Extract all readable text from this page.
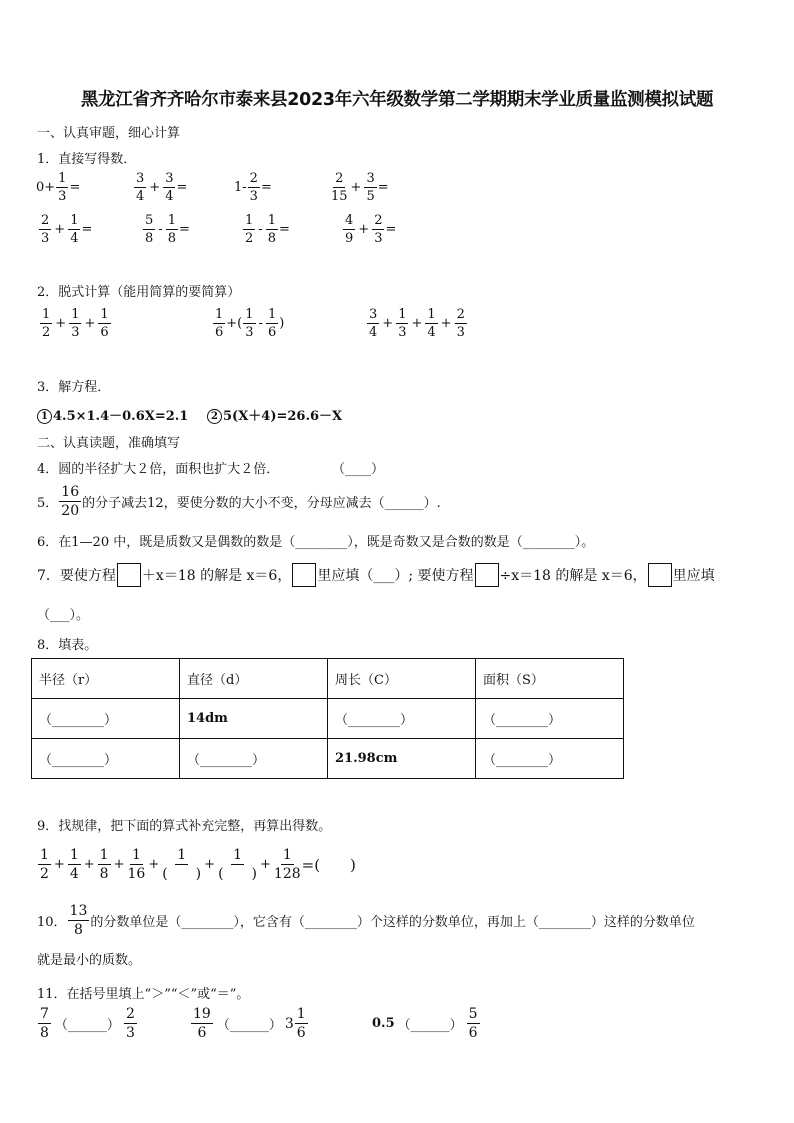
黑龙江省齐齐哈尔市泰来县2023年六年级数学第二学期期末学业质量监测模拟试题
一、认真审题，细心计算
1．直接写得数．
$0+ \frac{1}{3}$ =	$\frac{3}{4} + \frac{3}{4}$ =	$1- \frac{2}{3}$ =	$\frac{2}{15} + \frac{3}{5}$ =
$\frac{2}{3} + \frac{1}{4}$ =	$\frac{5}{8} - \frac{1}{8}$ =	$\frac{1}{2} - \frac{1}{8}$ =	$\frac{4}{9} + \frac{2}{3}$ =
2．脱式计算（能用简算的要简算）
$\frac{1}{2} + \frac{1}{3} + \frac{1}{6}$	$\frac{1}{6}$ +( $\frac{1}{3} - \frac{1}{6}$ )	$\frac{3}{4} + \frac{1}{3} + \frac{1}{4} + \frac{2}{3}$
3．解方程．
1 4.5×1.4－0.6X=2.1	2 5(X＋4)=26.6－X
二、认真读题，准确填写
4．圆的半径扩大２倍，面积也扩大２倍．	（____）
5． $\frac{16}{20}$ 的分子减去12，要使分数的大小不变，分母应减去（______）.
6．在1—20 中，既是质数又是偶数的数是（________），既是奇数又是合数的数是（________）。
7．要使方程 ＋x＝18 的解是 x＝6， 里应填（___）; 要使方程 ÷x＝18 的解是 x＝6， 里应填
（___）。
8．填表。
半径（r）	直径（d）	周长（C）	面积（S）
（________）	14dm	（________）	（________）
（________）	（________）	21.98cm	（________）
9．找规律，把下面的算式补充完整，再算出得数。
$\frac{1}{2} + \frac{1}{4} + \frac{1}{8} + \frac{1}{16} + \frac{1}{( )} + \frac{1}{( )} + \frac{1}{128}$ =(　　)
10． $\frac{13}{8}$ 的分数单位是（________），它含有（________）个这样的分数单位，再加上（________）这样的分数单位
就是最小的质数。
11．在括号里填上“＞”“＜”或“＝”。
$\frac{7}{8}$ （______） $\frac{2}{3}$	$\frac{19}{6}$ （______） $3 \frac{1}{6}$	0.5 （______） $\frac{5}{6}$
